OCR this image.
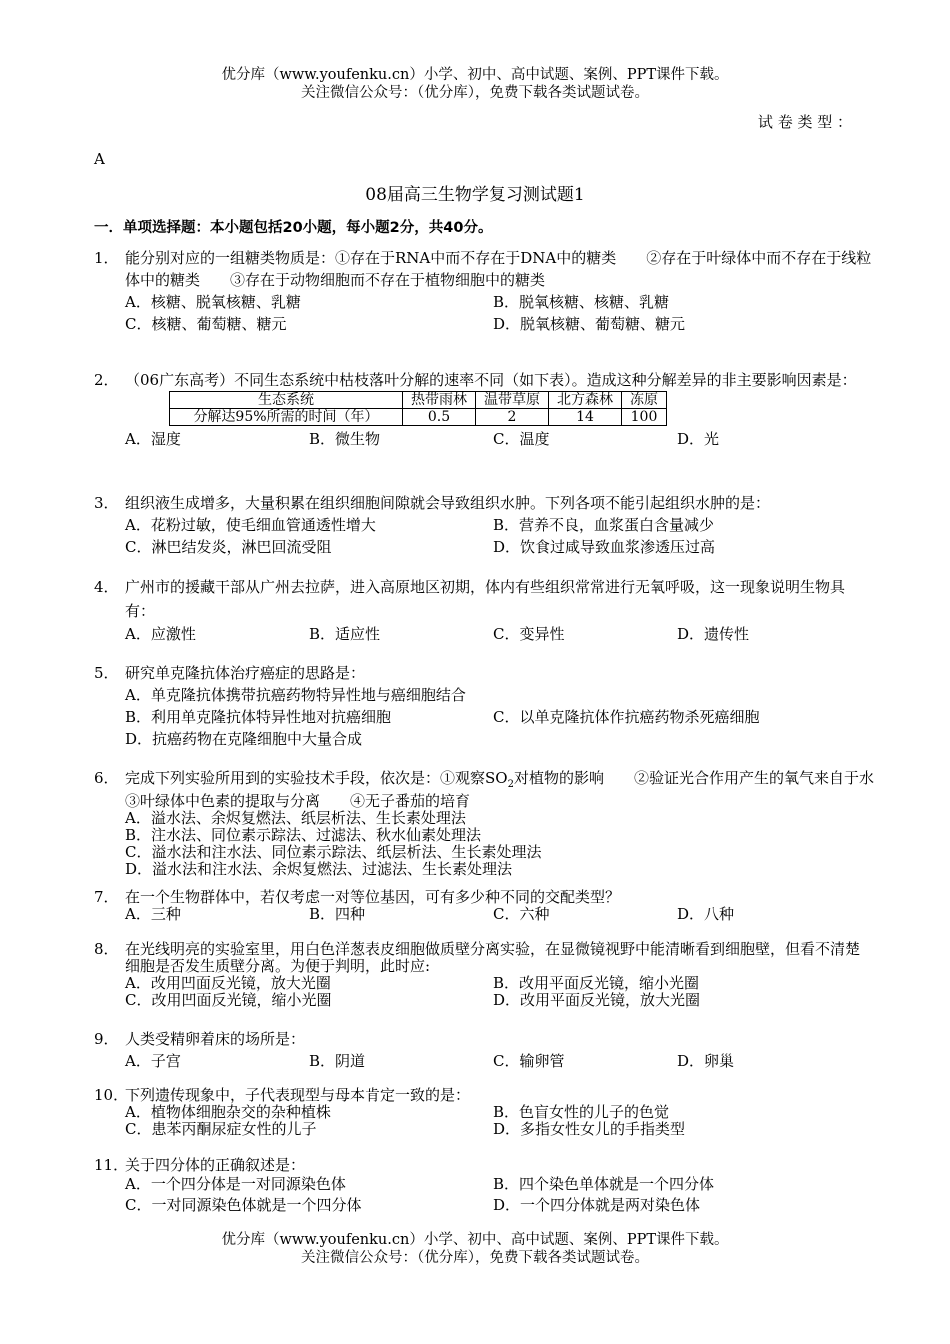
优分库（www.youfenku.cn）小学、初中、高中试题、案例、PPT课件下载。
关注微信公众号：（优分库），免费下载各类试题试卷。
试 卷 类 型 ：
A
08届高三生物学复习测试题1
一．单项选择题：本小题包括20小题，每小题2分，共40分。
1． 能分别对应的一组糖类物质是：①存在于RNA中而不存在于DNA中的糖类　　②存在于叶绿体中而不存在于线粒体中的糖类　　③存在于动物细胞而不存在于植物细胞中的糖类
A．核糖、脱氧核糖、乳糖	B．脱氧核糖、核糖、乳糖
C．核糖、葡萄糖、糖元	D．脱氧核糖、葡萄糖、糖元
2． （06广东高考）不同生态系统中枯枝落叶分解的速率不同（如下表）。造成这种分解差异的非主要影响因素是：
生态系统	热带雨林	温带草原	北方森林	冻原
分解达95%所需的时间（年）	0.5	2	14	100
A．湿度	B．微生物	C．温度	D．光
3． 组织液生成增多，大量积累在组织细胞间隙就会导致组织水肿。下列各项不能引起组织水肿的是：
A．花粉过敏，使毛细血管通透性增大	B．营养不良，血浆蛋白含量减少
C．淋巴结发炎，淋巴回流受阻	D．饮食过咸导致血浆渗透压过高
4． 广州市的援藏干部从广州去拉萨，进入高原地区初期，体内有些组织常常进行无氧呼吸，这一现象说明生物具有：
A．应激性	B．适应性	C．变异性	D．遗传性
5． 研究单克隆抗体治疗癌症的思路是：
A．单克隆抗体携带抗癌药物特异性地与癌细胞结合
B．利用单克隆抗体特异性地对抗癌细胞	C．以单克隆抗体作抗癌药物杀死癌细胞
D．抗癌药物在克隆细胞中大量合成
6． 完成下列实验所用到的实验技术手段，依次是：①观察$SO_2$对植物的影响　　②验证光合作用产生的氧气来自于水　　③叶绿体中色素的提取与分离　　④无子番茄的培育
A．溢水法、余烬复燃法、纸层析法、生长素处理法
B．注水法、同位素示踪法、过滤法、秋水仙素处理法
C．溢水法和注水法、同位素示踪法、纸层析法、生长素处理法
D．溢水法和注水法、余烬复燃法、过滤法、生长素处理法
7． 在一个生物群体中，若仅考虑一对等位基因，可有多少种不同的交配类型？
A．三种	B．四种	C．六种	D．八种
8． 在光线明亮的实验室里，用白色洋葱表皮细胞做质壁分离实验，在显微镜视野中能清晰看到细胞壁，但看不清楚细胞是否发生质壁分离。为便于判明，此时应:
A．改用凹面反光镜，放大光圈	B．改用平面反光镜，缩小光圈
C．改用凹面反光镜，缩小光圈	D．改用平面反光镜，放大光圈
9． 人类受精卵着床的场所是：
A．子宫	B．阴道	C．输卵管	D．卵巢
10．
下列遗传现象中，子代表现型与母本肯定一致的是：
A．植物体细胞杂交的杂种植株	B．色盲女性的儿子的色觉
C．患苯丙酮尿症女性的儿子	D．多指女性女儿的手指类型
11．
关于四分体的正确叙述是：
A．一个四分体是一对同源染色体	B．四个染色单体就是一个四分体
C．一对同源染色体就是一个四分体	D．一个四分体就是两对染色体
优分库（www.youfenku.cn）小学、初中、高中试题、案例、PPT课件下载。
关注微信公众号：（优分库），免费下载各类试题试卷。
